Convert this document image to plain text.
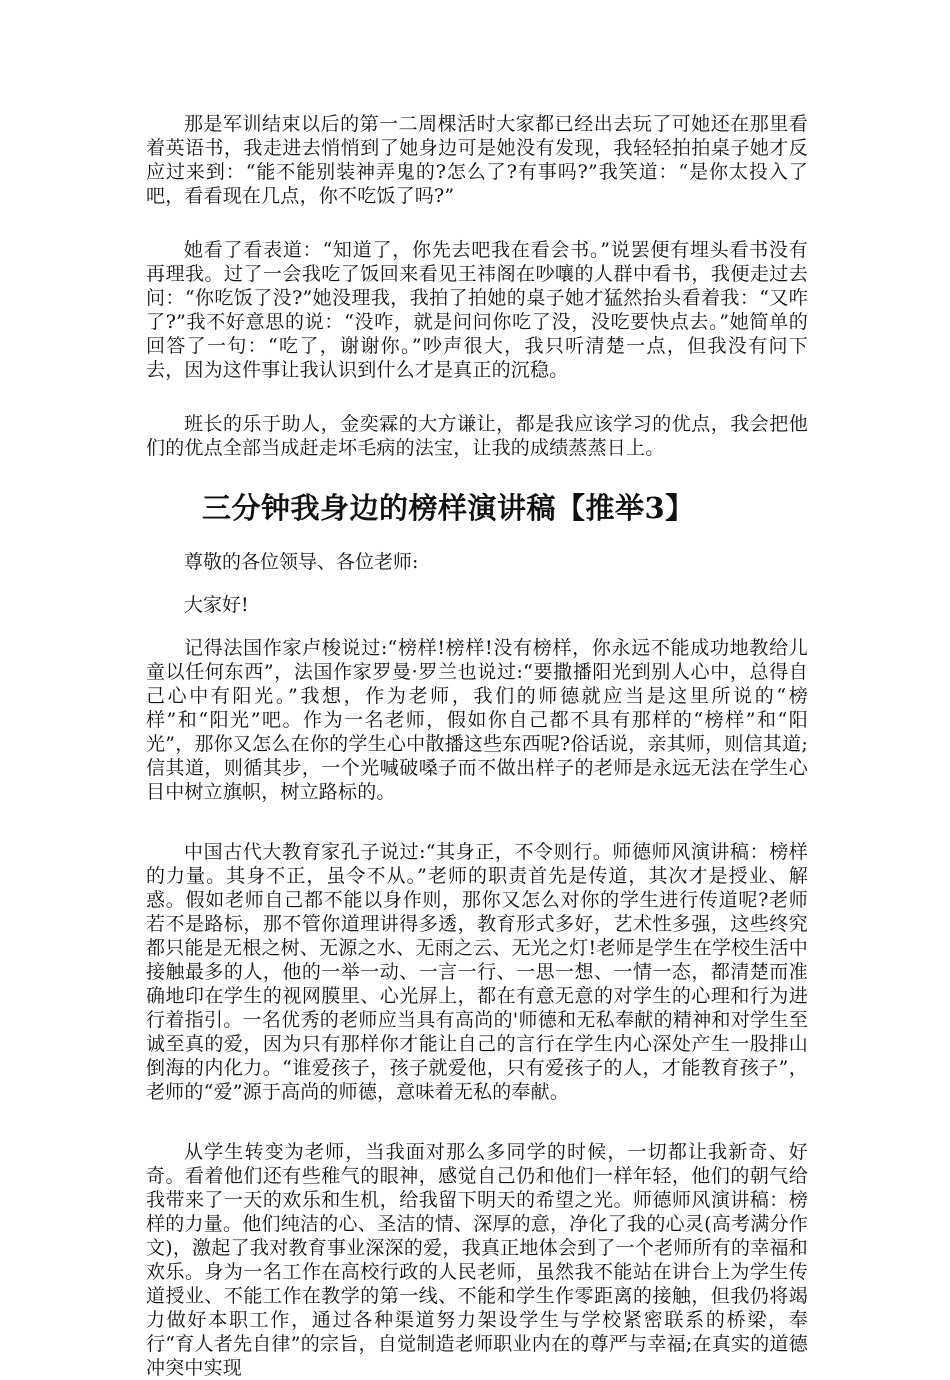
那是军训结束以后的第一二周棵活时大家都已经出去玩了可她还在那里看着英语书，我走进去悄悄到了她身边可是她没有发现，我轻轻拍拍桌子她才反应过来到：“能不能别装神弄鬼的?怎么了?有事吗?”我笑道：“是你太投入了吧，看看现在几点，你不吃饭了吗?”

她看了看表道：“知道了，你先去吧我在看会书。”说罢便有埋头看书没有再理我。过了一会我吃了饭回来看见王祎阁在吵嚷的人群中看书，我便走过去问：“你吃饭了没?”她没理我，我拍了拍她的桌子她才猛然抬头看着我：“又咋了?”我不好意思的说：“没咋，就是问问你吃了没，没吃要快点去。”她简单的回答了一句：“吃了，谢谢你。”吵声很大，我只听清楚一点，但我没有问下去，因为这件事让我认识到什么才是真正的沉稳。

班长的乐于助人，金奕霖的大方谦让，都是我应该学习的优点，我会把他们的优点全部当成赶走坏毛病的法宝，让我的成绩蒸蒸日上。

三分钟我身边的榜样演讲稿【推举3】

尊敬的各位领导、各位老师:

大家好!

记得法国作家卢梭说过:“榜样!榜样!没有榜样，你永远不能成功地教给儿童以任何东西”，法国作家罗曼·罗兰也说过:“要撒播阳光到别人心中，总得自己心中有阳光。”我想，作为老师，我们的师德就应当是这里所说的“榜样”和“阳光”吧。作为一名老师，假如你自己都不具有那样的“榜样”和“阳光”，那你又怎么在你的学生心中散播这些东西呢?俗话说，亲其师，则信其道;信其道，则循其步，一个光喊破嗓子而不做出样子的老师是永远无法在学生心目中树立旗帜，树立路标的。

中国古代大教育家孔子说过:“其身正，不令则行。师德师风演讲稿：榜样的力量。其身不正，虽令不从。”老师的职责首先是传道，其次才是授业、解惑。假如老师自己都不能以身作则，那你又怎么对你的学生进行传道呢?老师若不是路标，那不管你道理讲得多透，教育形式多好，艺术性多强，这些终究都只能是无根之树、无源之水、无雨之云、无光之灯!老师是学生在学校生活中接触最多的人，他的一举一动、一言一行、一思一想、一情一态，都清楚而准确地印在学生的视网膜里、心光屏上，都在有意无意的对学生的心理和行为进行着指引。一名优秀的老师应当具有高尚的'师德和无私奉献的精神和对学生至诚至真的爱，因为只有那样你才能让自己的言行在学生内心深处产生一股排山倒海的内化力。“谁爱孩子，孩子就爱他，只有爱孩子的人，才能教育孩子”，老师的“爱”源于高尚的师德，意味着无私的奉献。

从学生转变为老师，当我面对那么多同学的时候，一切都让我新奇、好奇。看着他们还有些稚气的眼神，感觉自己仍和他们一样年轻，他们的朝气给我带来了一天的欢乐和生机，给我留下明天的希望之光。师德师风演讲稿：榜样的力量。他们纯洁的心、圣洁的情、深厚的意，净化了我的心灵(高考满分作文)，激起了我对教育事业深深的爱，我真正地体会到了一个老师所有的幸福和欢乐。身为一名工作在高校行政的人民老师，虽然我不能站在讲台上为学生传道授业、不能工作在教学的第一线、不能和学生作零距离的接触，但我仍将竭力做好本职工作，通过各种渠道努力架设学生与学校紧密联系的桥梁，奉行“育人者先自律”的宗旨，自觉制造老师职业内在的尊严与幸福;在真实的道德冲突中实现
